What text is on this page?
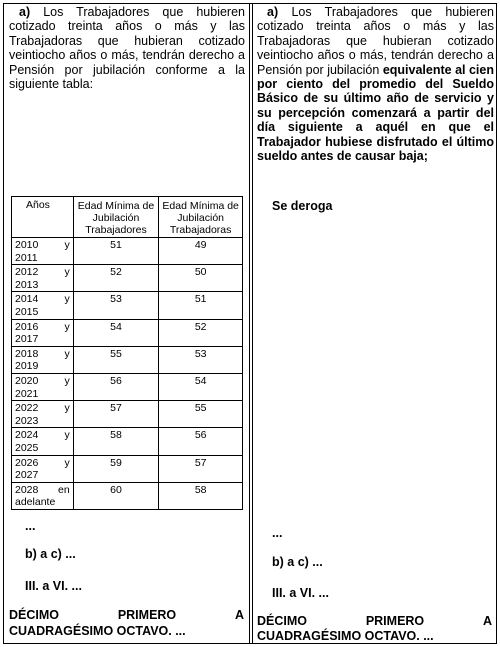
a) Los Trabajadores que hubieren cotizado treinta años o más y las Trabajadoras que hubieran cotizado veintiocho años o más, tendrán derecho a Pensión por jubilación conforme a la siguiente tabla:

Años	Edad Mínima de Jubilación Trabajadores	Edad Mínima de Jubilación Trabajadoras

2010 y
2011	51	49

2012 y
2013	52	50

2014 y
2015	53	51

2016 y
2017	54	52

2018 y
2019	55	53

2020 y
2021	56	54

2022 y
2023	57	55

2024 y
2025	58	56

2026 y
2027	59	57

2028 en
adelante	60	58
...
b) a c) ...
III. a VI. ...
DÉCIMO	PRIMERO	A
CUADRAGÉSIMO OCTAVO. ...

a) Los Trabajadores que hubieren cotizado treinta años o más y las Trabajadoras que hubieran cotizado veintiocho años o más, tendrán derecho a Pensión por jubilación equivalente al cien por ciento del promedio del Sueldo Básico de su último año de servicio y su percepción comenzará a partir del día siguiente a aquél en que el Trabajador hubiese disfrutado el último sueldo antes de causar baja;

Se deroga
...
b) a c) ...
III. a VI. ...
DÉCIMO	PRIMERO	A
CUADRAGÉSIMO OCTAVO. ...
